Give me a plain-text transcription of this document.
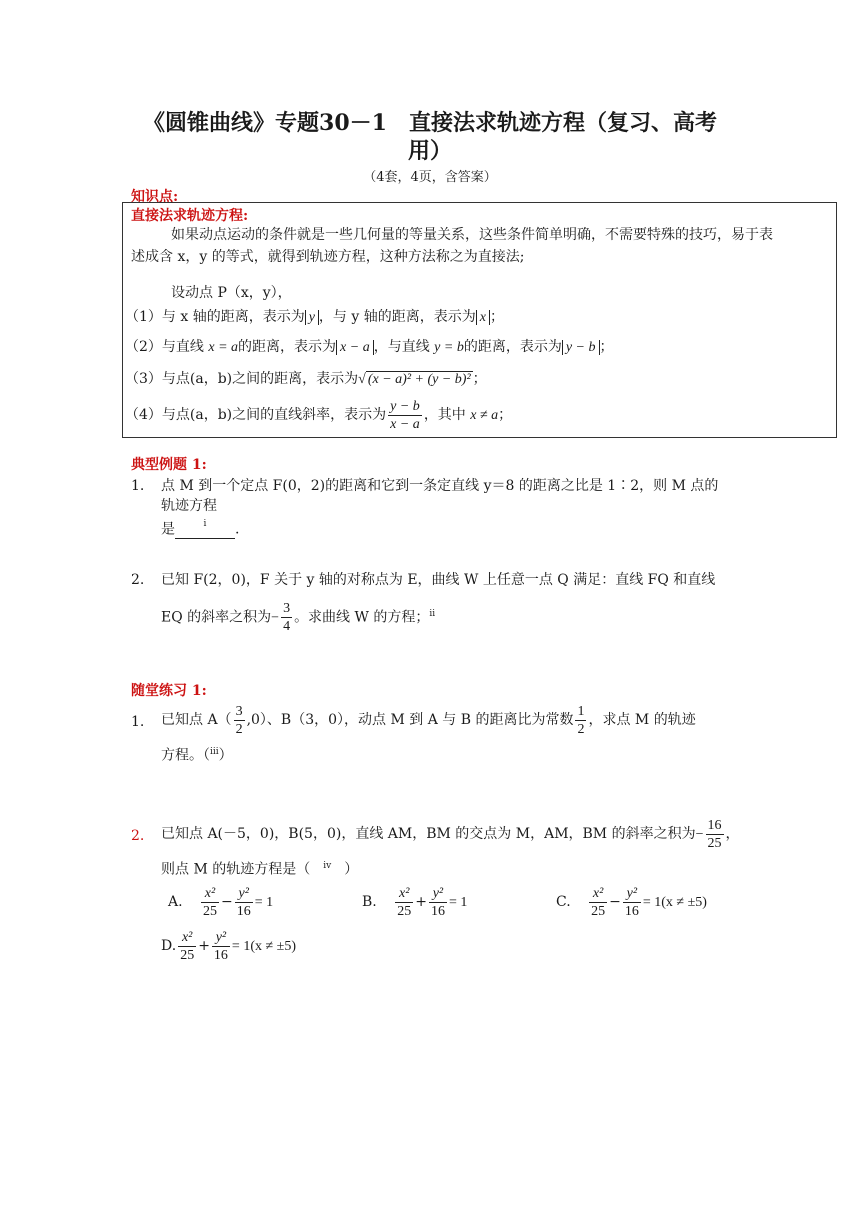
《圆锥曲线》专题30－1　直接法求轨迹方程（复习、高考
用）
（4套，4页，含答案）
知识点:
直接法求轨迹方程:
如果动点运动的条件就是一些几何量的等量关系，这些条件简单明确，不需要特殊的技巧，易于表
述成含 x，y 的等式，就得到轨迹方程，这种方法称之为直接法;
设动点 P（x，y），
（1）与 x 轴的距离，表示为 y ，与 y 轴的距离，表示为 x ；
（2）与直线 x = a的距离，表示为 x − a ，与直线 y = b的距离，表示为 y − b ；
（3）与点(a，b)之间的距离，表示为√ (x − a)² + (y − b)² ；
（4）与点(a，b)之间的直线斜率，表示为 $\frac{y - b}{x - a}$ ，其中 x ≠ a；
典型例题 1:
1. 点 M 到一个定点 F(0，2)的距离和它到一条定直线 y＝8 的距离之比是 1∶2，则 M 点的
轨迹方程
是	$^i$ .
2. 已知 F(2，0)，F 关于 y 轴的对称点为 E，曲线 W 上任意一点 Q 满足：直线 FQ 和直线
EQ 的斜率之积为− $\frac{3}{4}$ 。求曲线 W 的方程；$^{ii}$
随堂练习 1:
1. 已知点 $A( \frac{3}{2} ,0)$、B（3，0），动点 M 到 A 与 B 的距离比为常数 $\frac{1}{2}$ ，求点 M 的轨迹
方程。（$^{iii}$）
2. 已知点 A(－5，0)，B(5，0)，直线 AM，BM 的交点为 M，AM，BM 的斜率之积为− $\frac{16}{25}$ ，
则点 M 的轨迹方程是（ $^{iv}$ ）
A. $\frac{\text{x²}}{25} - \frac{\text{y²}}{16} = 1$	B. $\frac{\text{x²}}{25} + \frac{\text{y²}}{16} = 1$	C. $\frac{\text{x²}}{25} - \frac{\text{y²}}{16} = 1(x \ne \pm 5)$
D. $\frac{\text{x²}}{25} + \frac{\text{y²}}{16} = 1(x \ne \pm 5)$
